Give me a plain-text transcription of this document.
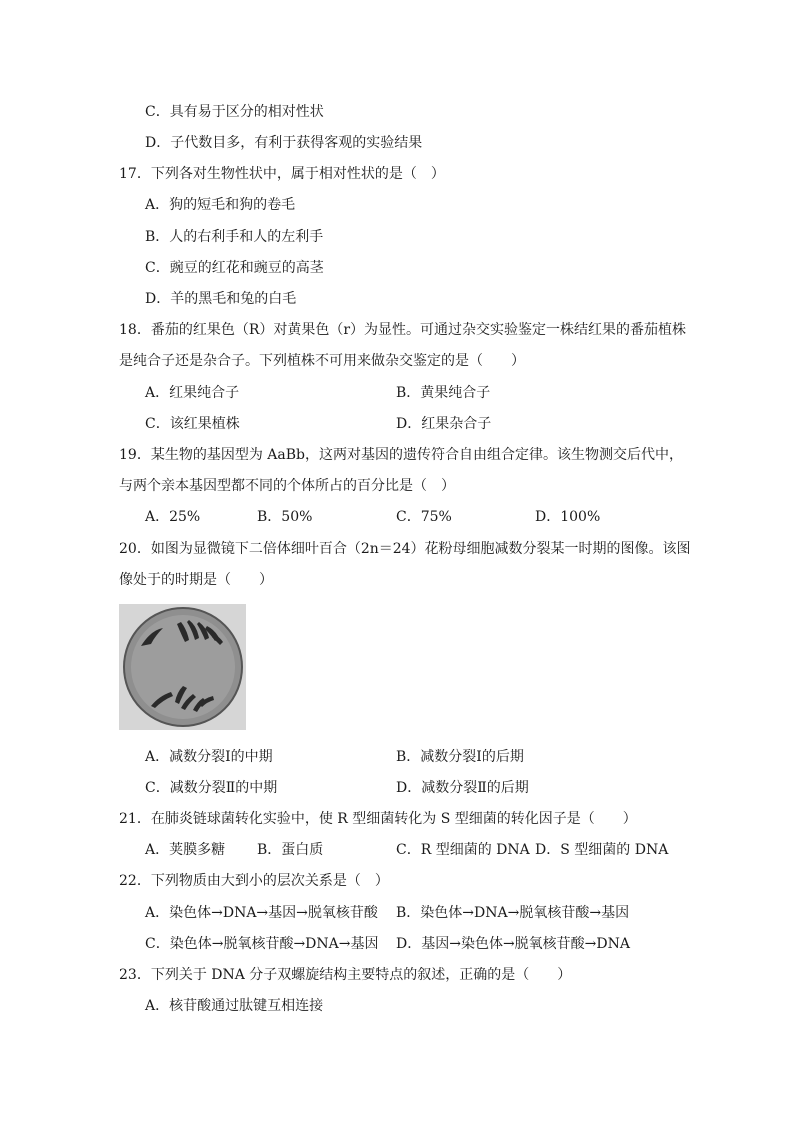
C．具有易于区分的相对性状
D．子代数目多，有利于获得客观的实验结果
17．下列各对生物性状中，属于相对性状的是（　）
A．狗的短毛和狗的卷毛
B．人的右利手和人的左利手
C．豌豆的红花和豌豆的高茎
D．羊的黑毛和兔的白毛
18．番茄的红果色（R）对黄果色（r）为显性。可通过杂交实验鉴定一株结红果的番茄植株
是纯合子还是杂合子。下列植株不可用来做杂交鉴定的是（　　）
A．红果纯合子	B．黄果纯合子
C．该红果植株	D．红果杂合子
19．某生物的基因型为 AaBb，这两对基因的遗传符合自由组合定律。该生物测交后代中，
与两个亲本基因型都不同的个体所占的百分比是（　）
A．25%	B．50%	C．75%	D．100%
20．如图为显微镜下二倍体细叶百合（2n＝24）花粉母细胞减数分裂某一时期的图像。该图
像处于的时期是（　　）
A．减数分裂Ⅰ的中期	B．减数分裂Ⅰ的后期
C．减数分裂Ⅱ的中期	D．减数分裂Ⅱ的后期
21．在肺炎链球菌转化实验中，使 R 型细菌转化为 S 型细菌的转化因子是（　　）
A．荚膜多糖 B．蛋白质	C．R 型细菌的 DNA D．S 型细菌的 DNA
22．下列物质由大到小的层次关系是（　）
A．染色体→DNA→基因→脱氧核苷酸 B．染色体→DNA→脱氧核苷酸→基因
C．染色体→脱氧核苷酸→DNA→基因 D．基因→染色体→脱氧核苷酸→DNA
23．下列关于 DNA 分子双螺旋结构主要特点的叙述，正确的是（　　）
A．核苷酸通过肽键互相连接
